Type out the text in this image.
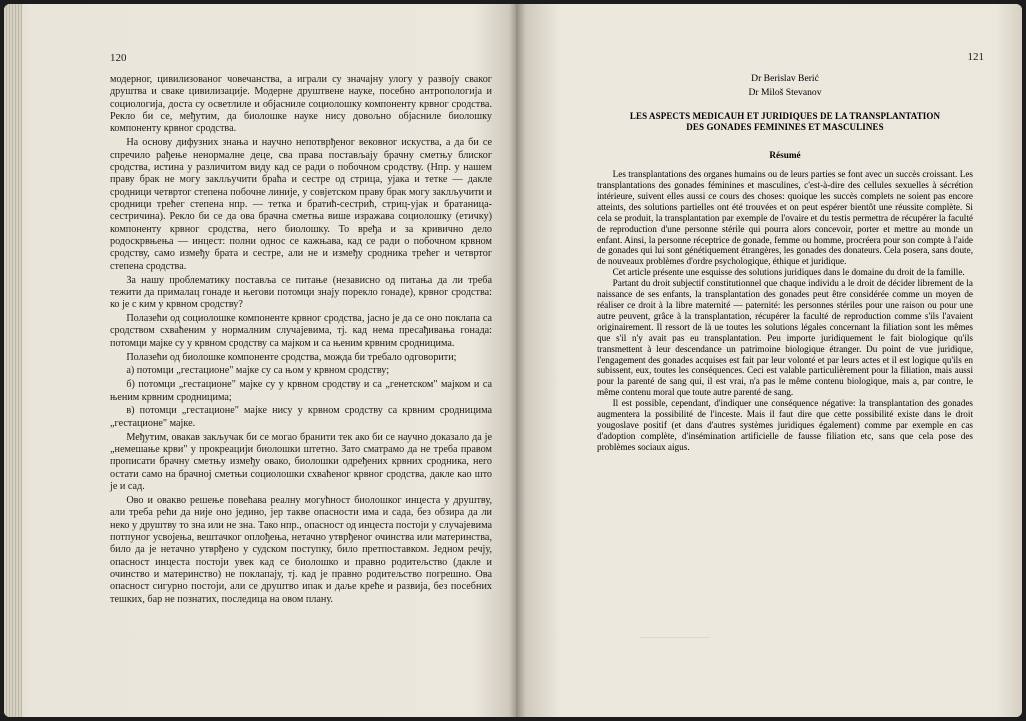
120

модерног, цивилизованог човечанства, а играли су значајну улогу у развоју сваког друштва и сваке цивилизације. Модерне друштвене науке, посебно антропологија и социологија, доста су осветлиле и објасниле социолошку компоненту крвног сродства. Рекло би се, међутим, да биолошке науке нису довољно објасниле биолошку компоненту крвног сродства.

На основу дифузних знања и научно непотврђеног вековног искуства, а да би се спречило рађење ненормалне деце, сва права постављају брачну сметњу блиског сродства, истина у различитом виду кад се ради о побочном сродству. (Нпр. у нашем праву брак не могу заклључити браћа и сестре од стрица, ујака и тетке — дакле сродници четвртог степена побочне линије, у совјетском праву брак могу заклључити и сродници трећег степена нпр. — тетка и братић-сестрић, стриц-ујак и братаница-сестричина). Рекло би се да ова брачна сметња више изражава социолошку (етичку) компоненту крвног сродства, него биолошку. То вређа и за кривично дело родоскрвњења — инцест: полни однос се кажњава, кад се ради о побочном крвном сродству, само између брата и сестре, али не и између сродника трећег и четвртог степена сродства.

За нашу проблематику поставља се питање (независно од питања да ли треба тежити да прималац гонаде и његови потомци знају порекло гонаде), крвног сродства: ко је с ким у крвном сродству?

Полазећи од социолошке компоненте крвног сродства, јасно је да се оно поклапа са сродством схваћеним у нормалним случајевима, тј. кад нема пресађивања гонада: потомци мајке су у крвном сродству са мајком и са њеним крвним сродницима.

Полазећи од биолошке компоненте сродства, можда би требало одговорити;

а) потомци „гестационе" мајке су са њом у крвном сродству;

б) потомци „гестационе" мајке су у крвном сродству и са „генетском" мајком и са њеним крвним сродницима;

в) потомци „гестационе" мајке нису у крвном сродству са крвним сродницима „гестационе" мајке.

Међутим, овакав закључак би се могао бранити тек ако би се научно доказало да је „немешање крви" у прокреацији биолошки штетно. Зато сматрамо да не треба правом прописати брачну сметњу између овако, биолошки одређених крвних сродника, него остати само на брачној сметњи социолошки схваћеног крвног сродства, дакле као што је и сад.

Ово и овакво решење повећава реалну могућност биолошког инцеста у друштву, али треба рећи да није оно једино, јер такве опасности има и сада, без обзира да ли неко у друштву то зна или не зна. Тако нпр., опасност од инцеста постоји у случајевима потпуног усвојења, вештачког оплођења, нетачно утврђеног очинства или материнства, било да је нетачно утврђено у судском поступку, било претпоставком. Једном речју, опасност инцеста постоји увек кад се биолошко и правно родитељство (дакле и очинство и материнство) не поклапају, тј. кад је правно родитељство погрешно. Ова опасност сигурно постоји, али се друштво ипак и даље креће и развија, без посебних тешких, бар не познатих, последица на овом плану.

121

Dr Berislav Berić

Dr Miloš Stevanov

LES ASPECTS MEDICAUH ET JURIDIQUES DE LA TRANSPLANTATION
DES GONADES FEMININES ET MASCULINES
Résumé

Les transplantations des organes humains ou de leurs parties se font avec un succès croissant. Les transplantations des gonades féminines et masculines, c'est-à-dire des cellules sexuelles à sécrétion intérieure, suivent elles aussi ce cours des choses: quoique les succès complets ne soient pas encore atteints, des solutions partielles ont été trouvées et on peut espérer bientôt une réussite complète. Si cela se produit, la transplantation par exemple de l'ovaire et du testis permettra de récupérer la faculté de reproduction d'une personne stérile qui pourra alors concevoir, porter et mettre au monde un enfant. Ainsi, la personne réceptrice de gonade, femme ou homme, procréera pour son compte à l'aide de gonades qui lui sont génétiquement étrangères, les gonades des donateurs. Cela posera, sans doute, de nouveaux problèmes d'ordre psychologique, éthique et juridique.

Cet article présente une esquisse des solutions juridiques dans le domaine du droit de la famille.

Partant du droit subjectif constitutionnel que chaque individu a le droit de décider librement de la naissance de ses enfants, la transplantation des gonades peut être considérée comme un moyen de réaliser ce droit à la libre maternité — paternité: les personnes stériles pour une raison ou pour une autre peuvent, grâce à la transplantation, récupérer la faculté de reproduction comme s'ils l'avaient originairement. Il ressort de là ue toutes les solutions légales concernant la filiation sont les mêmes que s'il n'y avait pas eu transplantation. Peu importe juridiquement le fait biologique qu'ils transmettent à leur descendance un patrimoine biologique étranger. Du point de vue juridique, l'engagement des gonades acquises est fait par leur volonté et par leurs actes et il est logique qu'ils en subissent, eux, toutes les conséquences. Ceci est valable particulièrement pour la filiation, mais aussi pour la parenté de sang qui, il est vrai, n'a pas le même contenu biologique, mais a, par contre, le même contenu moral que toute autre parenté de sang.

Il est possible, cependant, d'indiquer une conséquence négative: la transplantation des gonades augmentera la possibilité de l'inceste. Mais il faut dire que cette possibilité existe dans le droit yougoslave positif (et dans d'autres systèmes juridiques également) comme par exemple en cas d'adoption complète, d'insémination artificielle de fausse filiation etc, sans que cela pose des problèmes sociaux aigus.
